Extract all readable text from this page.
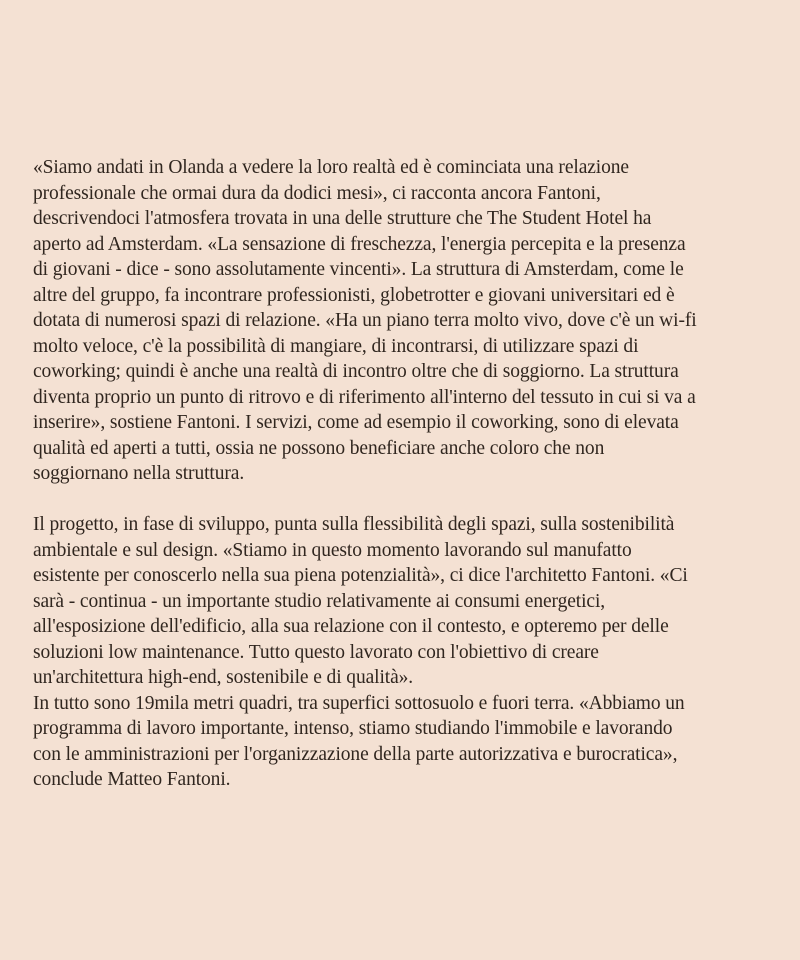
«Siamo andati in Olanda a vedere la loro realtà ed è cominciata una relazione
professionale che ormai dura da dodici mesi», ci racconta ancora Fantoni,
descrivendoci l'atmosfera trovata in una delle strutture che The Student Hotel ha
aperto ad Amsterdam. «La sensazione di freschezza, l'energia percepita e la presenza
di giovani - dice - sono assolutamente vincenti». La struttura di Amsterdam, come le
altre del gruppo, fa incontrare professionisti, globetrotter e giovani universitari ed è
dotata di numerosi spazi di relazione. «Ha un piano terra molto vivo, dove c'è un wi-fi
molto veloce, c'è la possibilità di mangiare, di incontrarsi, di utilizzare spazi di
coworking; quindi è anche una realtà di incontro oltre che di soggiorno. La struttura
diventa proprio un punto di ritrovo e di riferimento all'interno del tessuto in cui si va a
inserire», sostiene Fantoni. I servizi, come ad esempio il coworking, sono di elevata
qualità ed aperti a tutti, ossia ne possono beneficiare anche coloro che non
soggiornano nella struttura.
Il progetto, in fase di sviluppo, punta sulla flessibilità degli spazi, sulla sostenibilità
ambientale e sul design. «Stiamo in questo momento lavorando sul manufatto
esistente per conoscerlo nella sua piena potenzialità», ci dice l'architetto Fantoni. «Ci
sarà - continua - un importante studio relativamente ai consumi energetici,
all'esposizione dell'edificio, alla sua relazione con il contesto, e opteremo per delle
soluzioni low maintenance. Tutto questo lavorato con l'obiettivo di creare
un'architettura high-end, sostenibile e di qualità».
In tutto sono 19mila metri quadri, tra superfici sottosuolo e fuori terra. «Abbiamo un
programma di lavoro importante, intenso, stiamo studiando l'immobile e lavorando
con le amministrazioni per l'organizzazione della parte autorizzativa e burocratica»,
conclude Matteo Fantoni.
